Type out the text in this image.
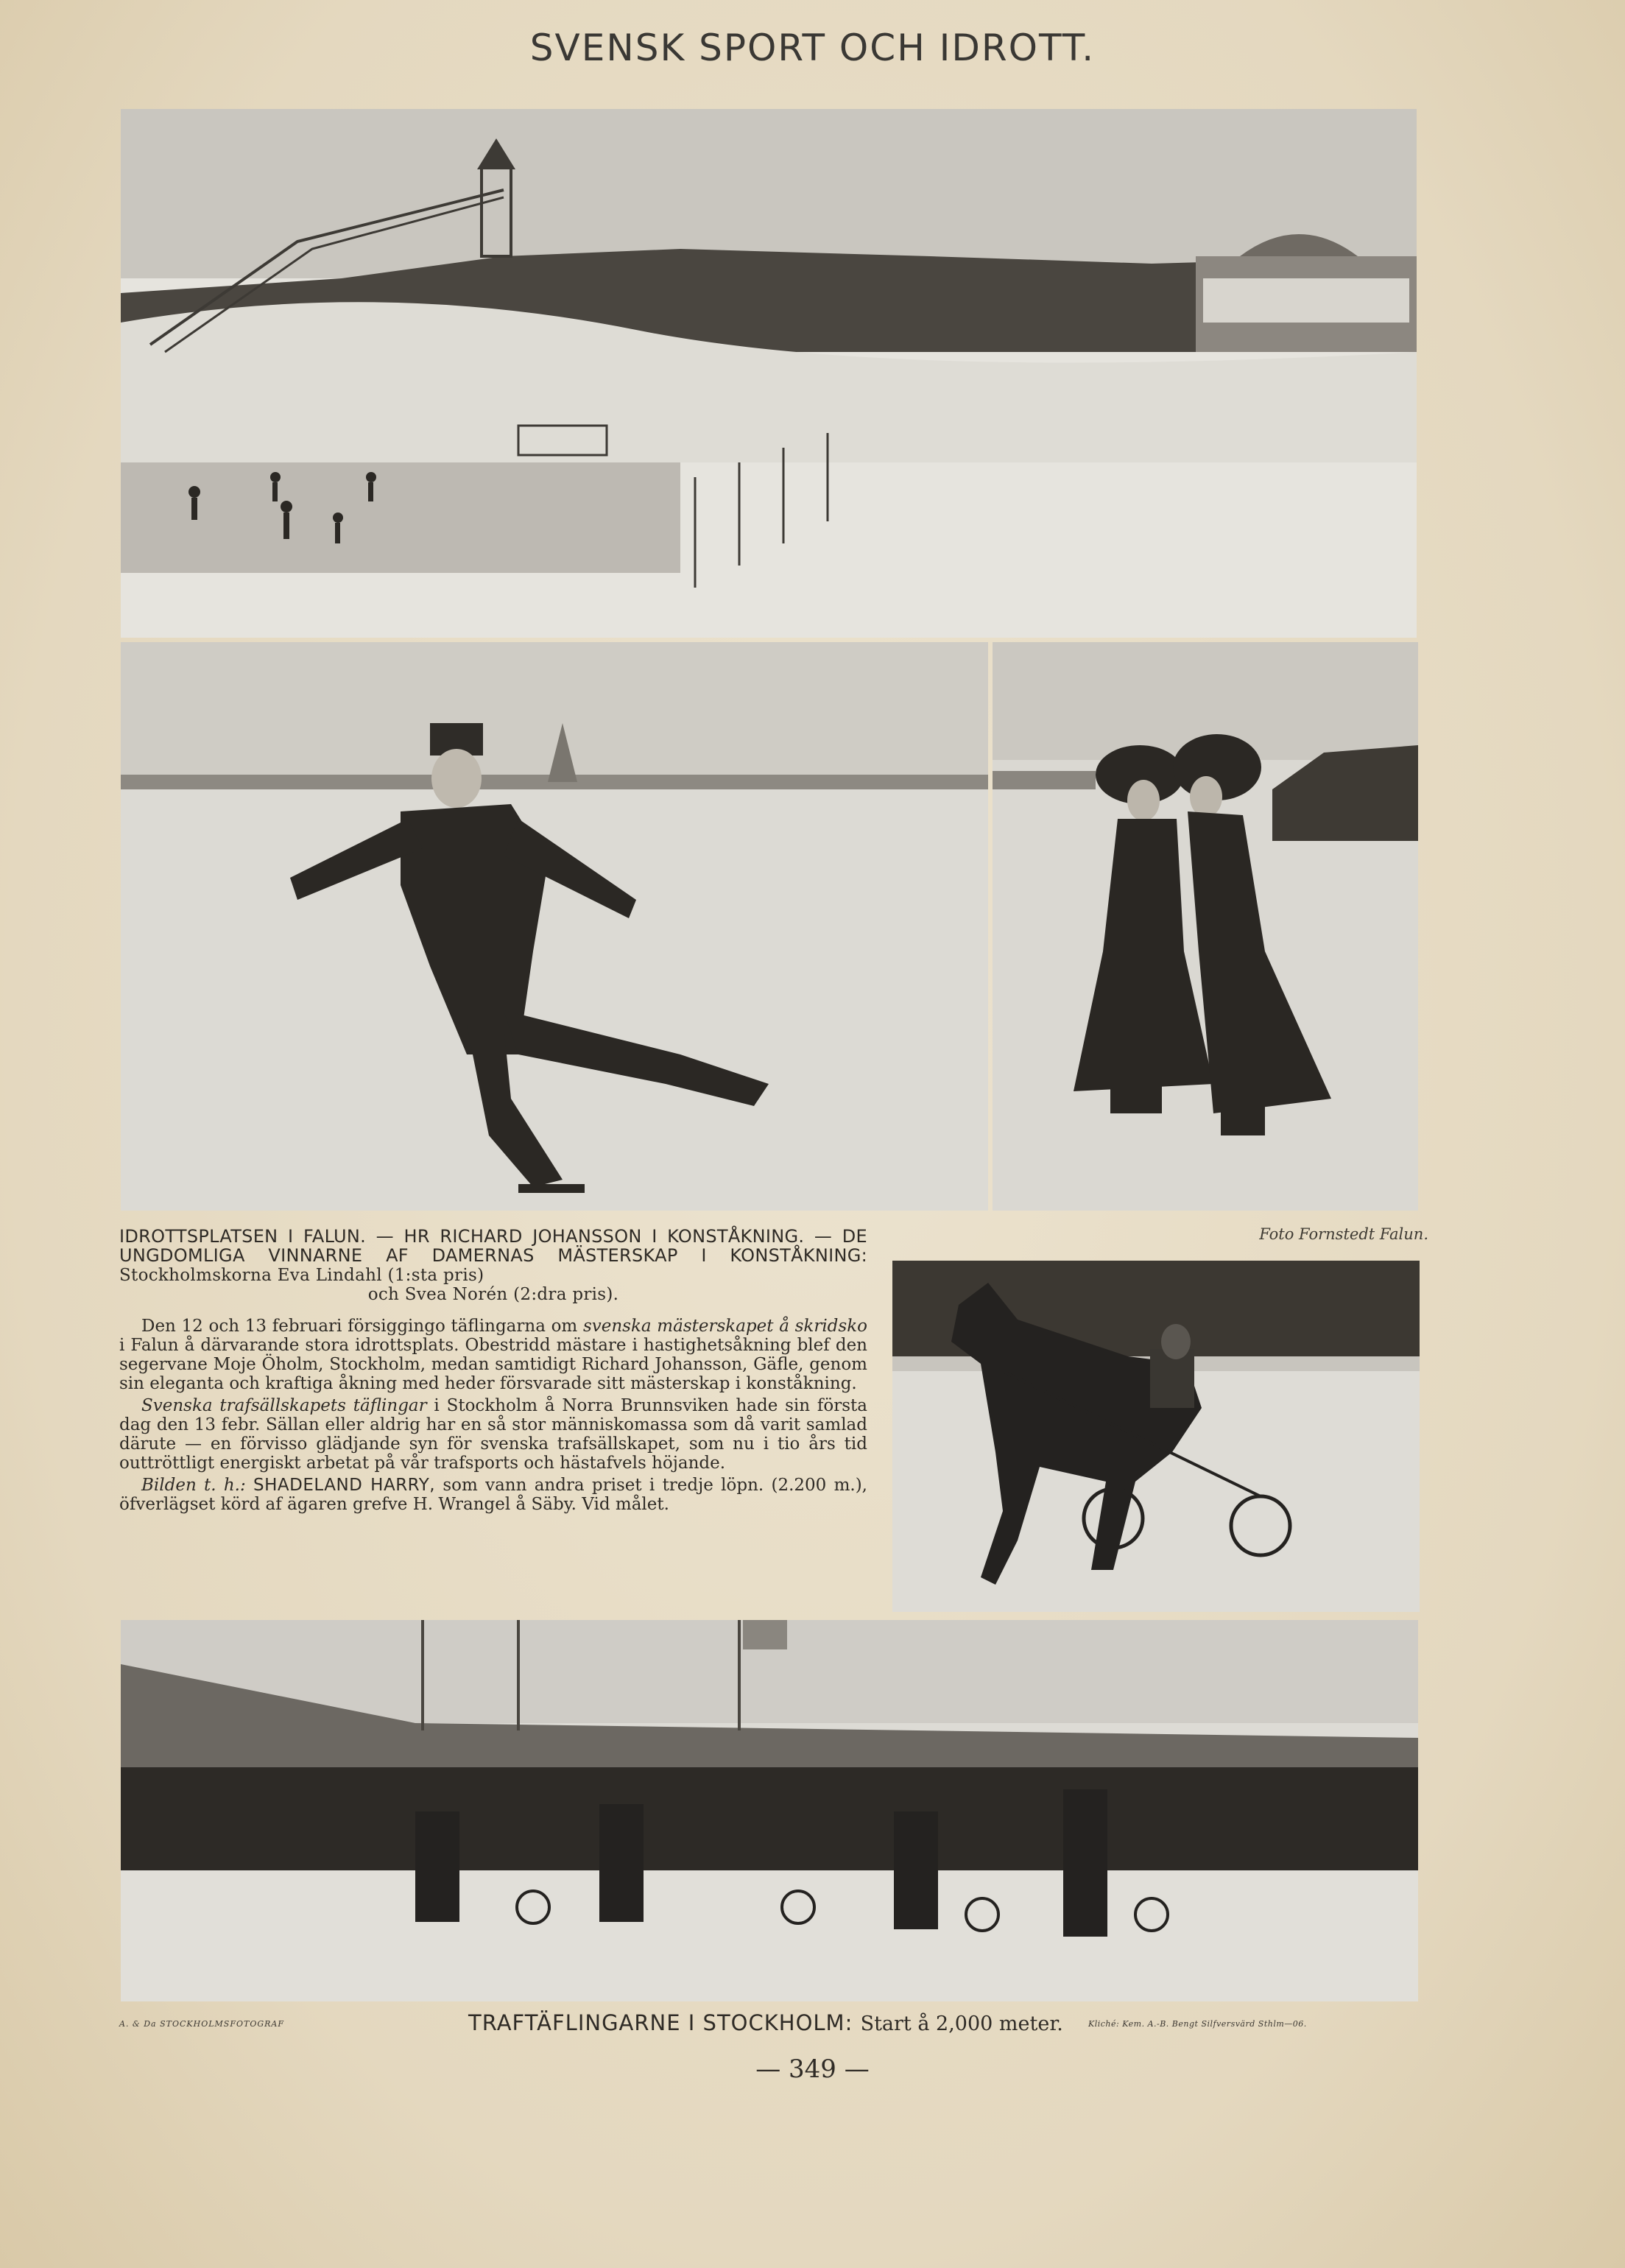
SVENSK SPORT OCH IDROTT.
Foto Fornstedt Falun.
IDROTTSPLATSEN I FALUN. — HR RICHARD JOHANSSON I KONSTÅKNING. — DE UNGDOMLIGA VINNARNE AF DAMERNAS MÄSTERSKAP I KONSTÅKNING: Stockholmskorna Eva Lindahl (1:sta pris)
och Svea Norén (2:dra pris).

Den 12 och 13 februari försiggingo täflingarna om svenska mästerskapet å skridsko i Falun å därvarande stora idrottsplats. Obestridd mästare i hastighetsåkning blef den segervane Moje Öholm, Stockholm, medan samtidigt Richard Johansson, Gäfle, genom sin eleganta och kraftiga åkning med heder försvarade sitt mästerskap i konståkning.

Svenska trafsällskapets täflingar i Stockholm å Norra Brunnsviken hade sin första dag den 13 febr. Sällan eller aldrig har en så stor människomassa som då varit samlad därute — en förvisso glädjande syn för svenska trafsällskapet, som nu i tio års tid outtröttligt energiskt arbetat på vår trafsports och hästafvels höjande.

Bilden t. h.: SHADELAND HARRY, som vann andra priset i tredje löpn. (2.200 m.), öfverlägset körd af ägaren grefve H. Wrangel å Säby. Vid målet.

A. & Da STOCKHOLMSFOTOGRAF	TRAFTÄFLINGARNE I STOCKHOLM: Start å 2,000 meter.	Kliché: Kem. A.-B. Bengt Silfversvärd Sthlm—06.
— 349 —
